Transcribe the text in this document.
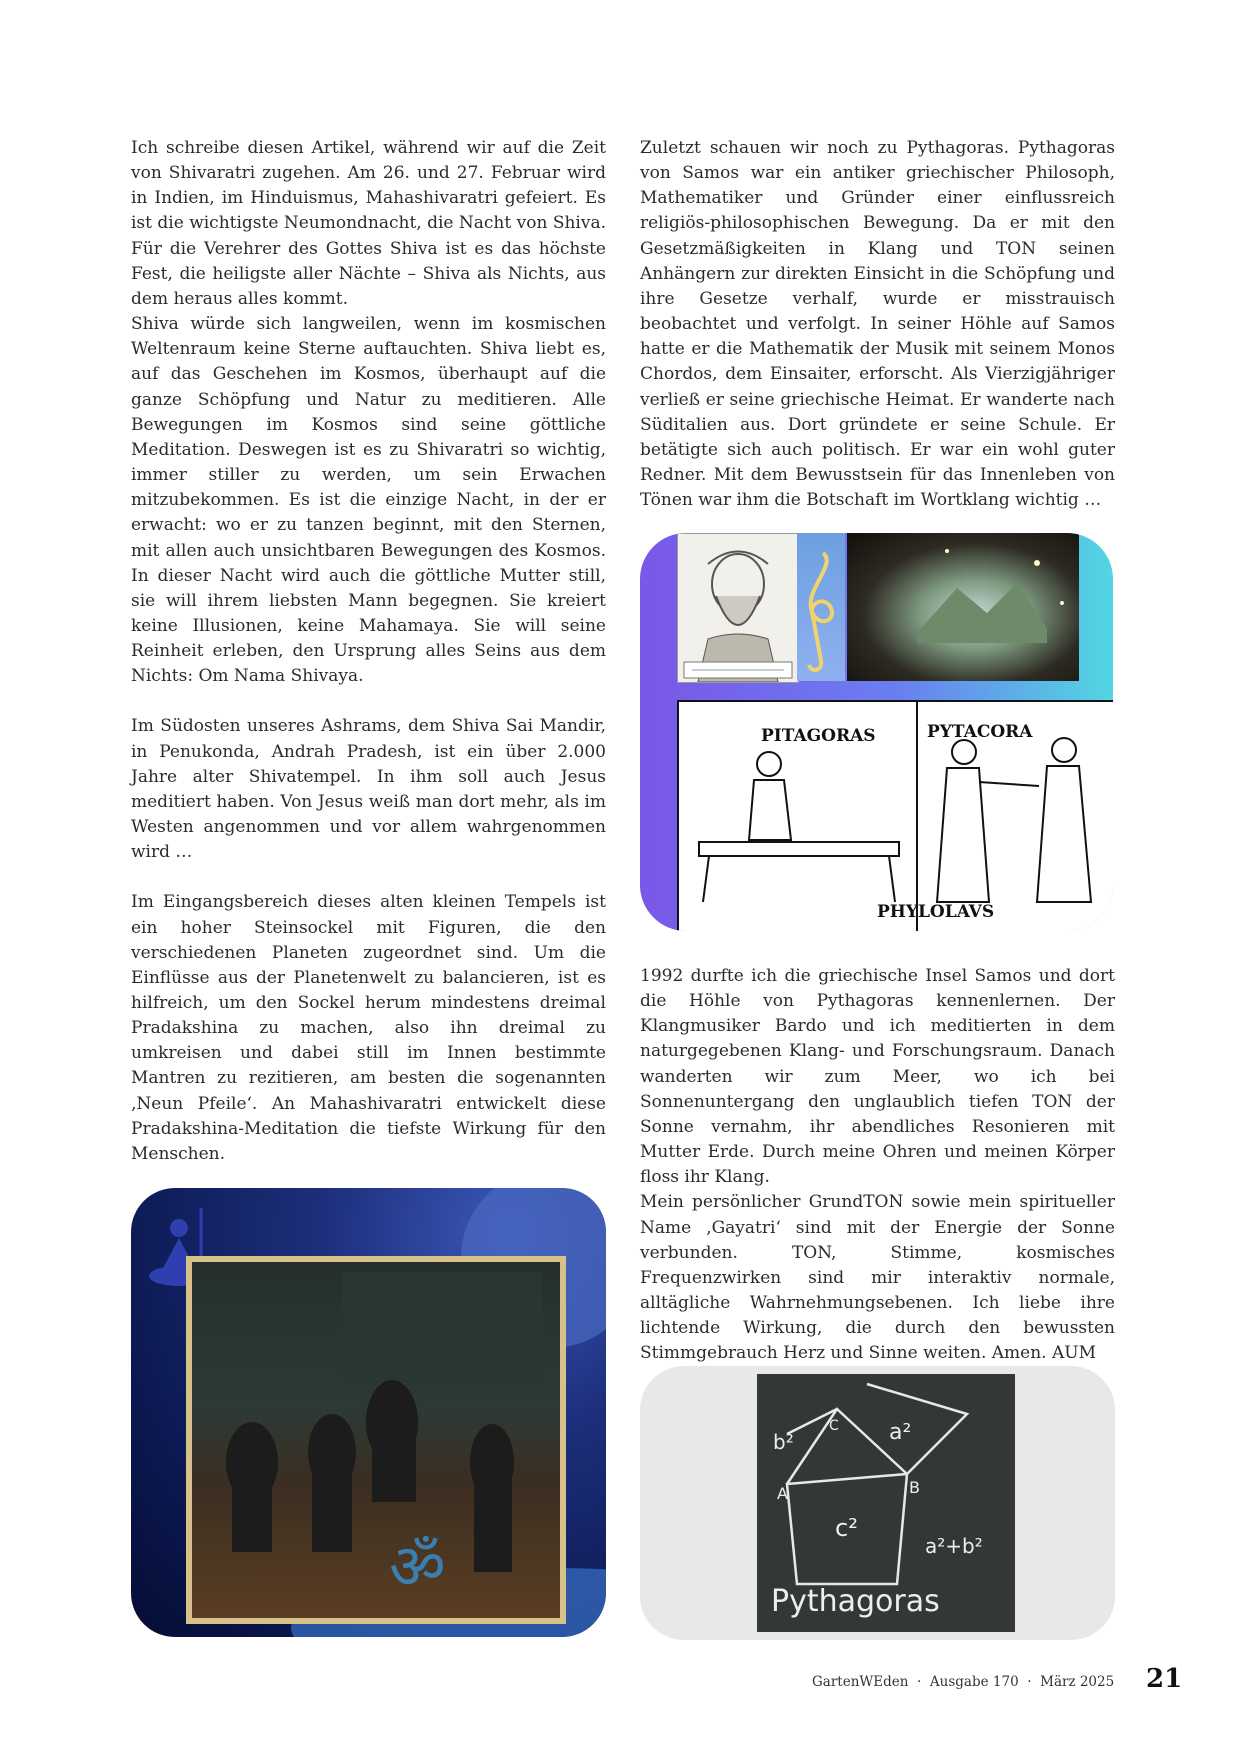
Ich schreibe diesen Artikel, während wir auf die Zeit von Shivaratri zugehen. Am 26. und 27. Februar wird in Indien, im Hinduismus, Mahashivaratri gefeiert. Es ist die wichtigste Neumondnacht, die Nacht von Shiva. Für die Verehrer des Gottes Shiva ist es das höchste Fest, die heiligste aller Nächte – Shiva als Nichts, aus dem heraus alles kommt.

Shiva würde sich langweilen, wenn im kosmischen Weltenraum keine Sterne auftauchten. Shiva liebt es, auf das Geschehen im Kosmos, überhaupt auf die ganze Schöpfung und Natur zu meditieren. Alle Bewegungen im Kosmos sind seine göttliche Meditation. Deswegen ist es zu Shivaratri so wichtig, immer stiller zu werden, um sein Erwachen mitzubekommen. Es ist die einzige Nacht, in der er erwacht: wo er zu tanzen beginnt, mit den Sternen, mit allen auch unsichtbaren Bewegungen des Kosmos. In dieser Nacht wird auch die göttliche Mutter still, sie will ihrem liebsten Mann begegnen. Sie kreiert keine Illusionen, keine Mahamaya. Sie will seine Reinheit erleben, den Ursprung alles Seins aus dem Nichts: Om Nama Shivaya.

Im Südosten unseres Ashrams, dem Shiva Sai Mandir, in Penukonda, Andrah Pradesh, ist ein über 2.000 Jahre alter Shivatempel. In ihm soll auch Jesus meditiert haben. Von Jesus weiß man dort mehr, als im Westen angenommen und vor allem wahrgenommen wird …

Im Eingangsbereich dieses alten kleinen Tempels ist ein hoher Steinsockel mit Figuren, die den verschiedenen Planeten zugeordnet sind. Um die Einflüsse aus der Planetenwelt zu balancieren, ist es hilfreich, um den Sockel herum mindestens dreimal Pradakshina zu machen, also ihn dreimal zu umkreisen und dabei still im Innen bestimmte Mantren zu rezitieren, am besten die sogenannten ‚Neun Pfeile‘. An Mahashivaratri entwickelt diese Pradakshina-Meditation die tiefste Wirkung für den Menschen.

Zuletzt schauen wir noch zu Pythagoras. Pythagoras von Samos war ein antiker griechischer Philosoph, Mathematiker und Gründer einer einflussreich religiös-philosophischen Bewegung. Da er mit den Gesetzmäßigkeiten in Klang und TON seinen Anhängern zur direkten Einsicht in die Schöpfung und ihre Gesetze verhalf, wurde er misstrauisch beobachtet und verfolgt. In seiner Höhle auf Samos hatte er die Mathematik der Musik mit seinem Monos Chordos, dem Einsaiter, erforscht. Als Vierzigjähriger verließ er seine griechische Heimat. Er wanderte nach Süditalien aus. Dort gründete er seine Schule. Er betätigte sich auch politisch. Er war ein wohl guter Redner. Mit dem Bewusstsein für das Innenleben von Tönen war ihm die Botschaft im Wortklang wichtig …

PITAGORAS	PYTACORA
PHYLOLAVS

1992 durfte ich die griechische Insel Samos und dort die Höhle von Pythagoras kennenlernen. Der Klangmusiker Bardo und ich meditierten in dem naturgegebenen Klang- und Forschungsraum. Danach wanderten wir zum Meer, wo ich bei Sonnenuntergang den unglaublich tiefen TON der Sonne vernahm, ihr abendliches Resonieren mit Mutter Erde. Durch meine Ohren und meinen Körper floss ihr Klang.

Mein persönlicher GrundTON sowie mein spiritueller Name ‚Gayatri‘ sind mit der Energie der Sonne verbunden. TON, Stimme, kosmisches Frequenzwirken sind mir interaktiv normale, alltägliche Wahrnehmungsebenen. Ich liebe ihre lichtende Wirkung, die durch den bewussten Stimmgebrauch Herz und Sinne weiten. Amen. AUM

ॐ
b²	a²
c²
A	B
C
a²+b²
Pythagoras
GartenWEden  ·  Ausgabe 170  ·  März 2025 21
